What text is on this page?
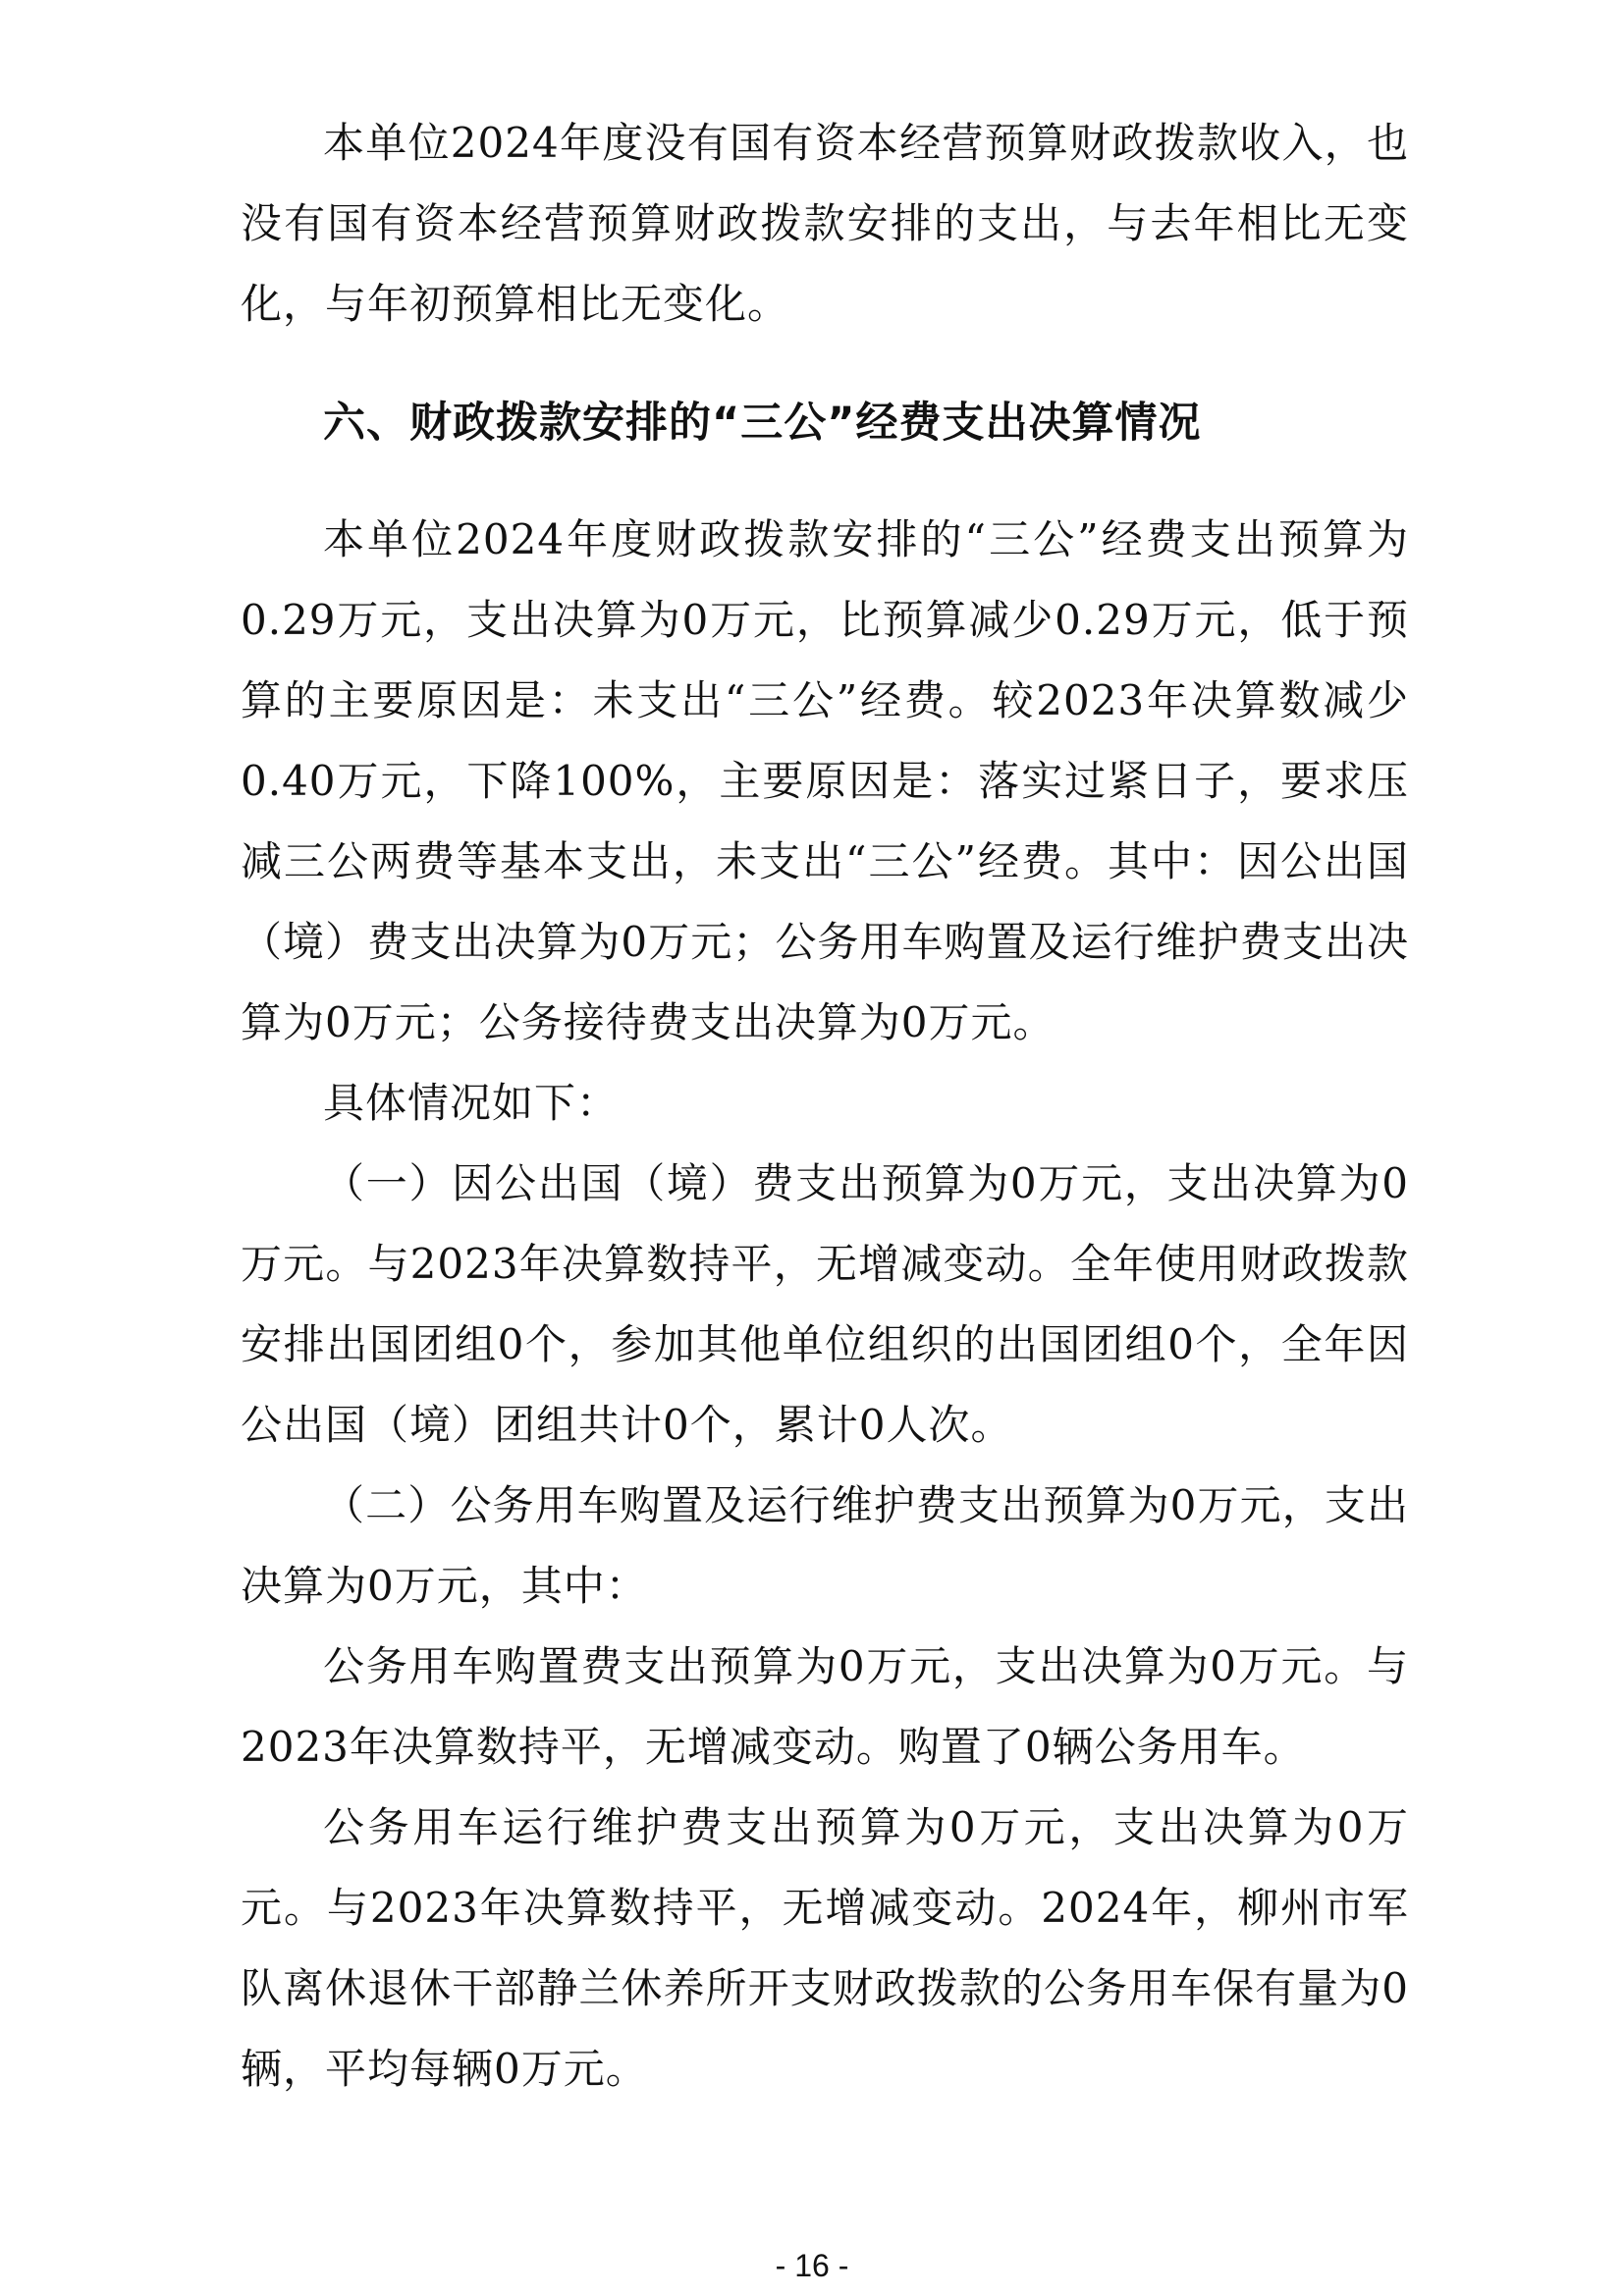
本单位2024年度没有国有资本经营预算财政拨款收入，也没有国有资本经营预算财政拨款安排的支出，与去年相比无变化，与年初预算相比无变化。

六、财政拨款安排的“三公”经费支出决算情况

本单位2024年度财政拨款安排的“三公”经费支出预算为0.29万元，支出决算为0万元，比预算减少0.29万元，低于预算的主要原因是：未支出“三公”经费。较2023年决算数减少0.40万元，下降100%，主要原因是：落实过紧日子，要求压减三公两费等基本支出，未支出“三公”经费。其中：因公出国（境）费支出决算为0万元；公务用车购置及运行维护费支出决算为0万元；公务接待费支出决算为0万元。

具体情况如下：

（一）因公出国（境）费支出预算为0万元，支出决算为0万元。与2023年决算数持平，无增减变动。全年使用财政拨款安排出国团组0个，参加其他单位组织的出国团组0个，全年因公出国（境）团组共计0个，累计0人次。

（二）公务用车购置及运行维护费支出预算为0万元，支出决算为0万元，其中：

公务用车购置费支出预算为0万元，支出决算为0万元。与2023年决算数持平，无增减变动。购置了0辆公务用车。

公务用车运行维护费支出预算为0万元，支出决算为0万元。与2023年决算数持平，无增减变动。2024年，柳州市军队离休退休干部静兰休养所开支财政拨款的公务用车保有量为0辆，平均每辆0万元。

- 16 -
